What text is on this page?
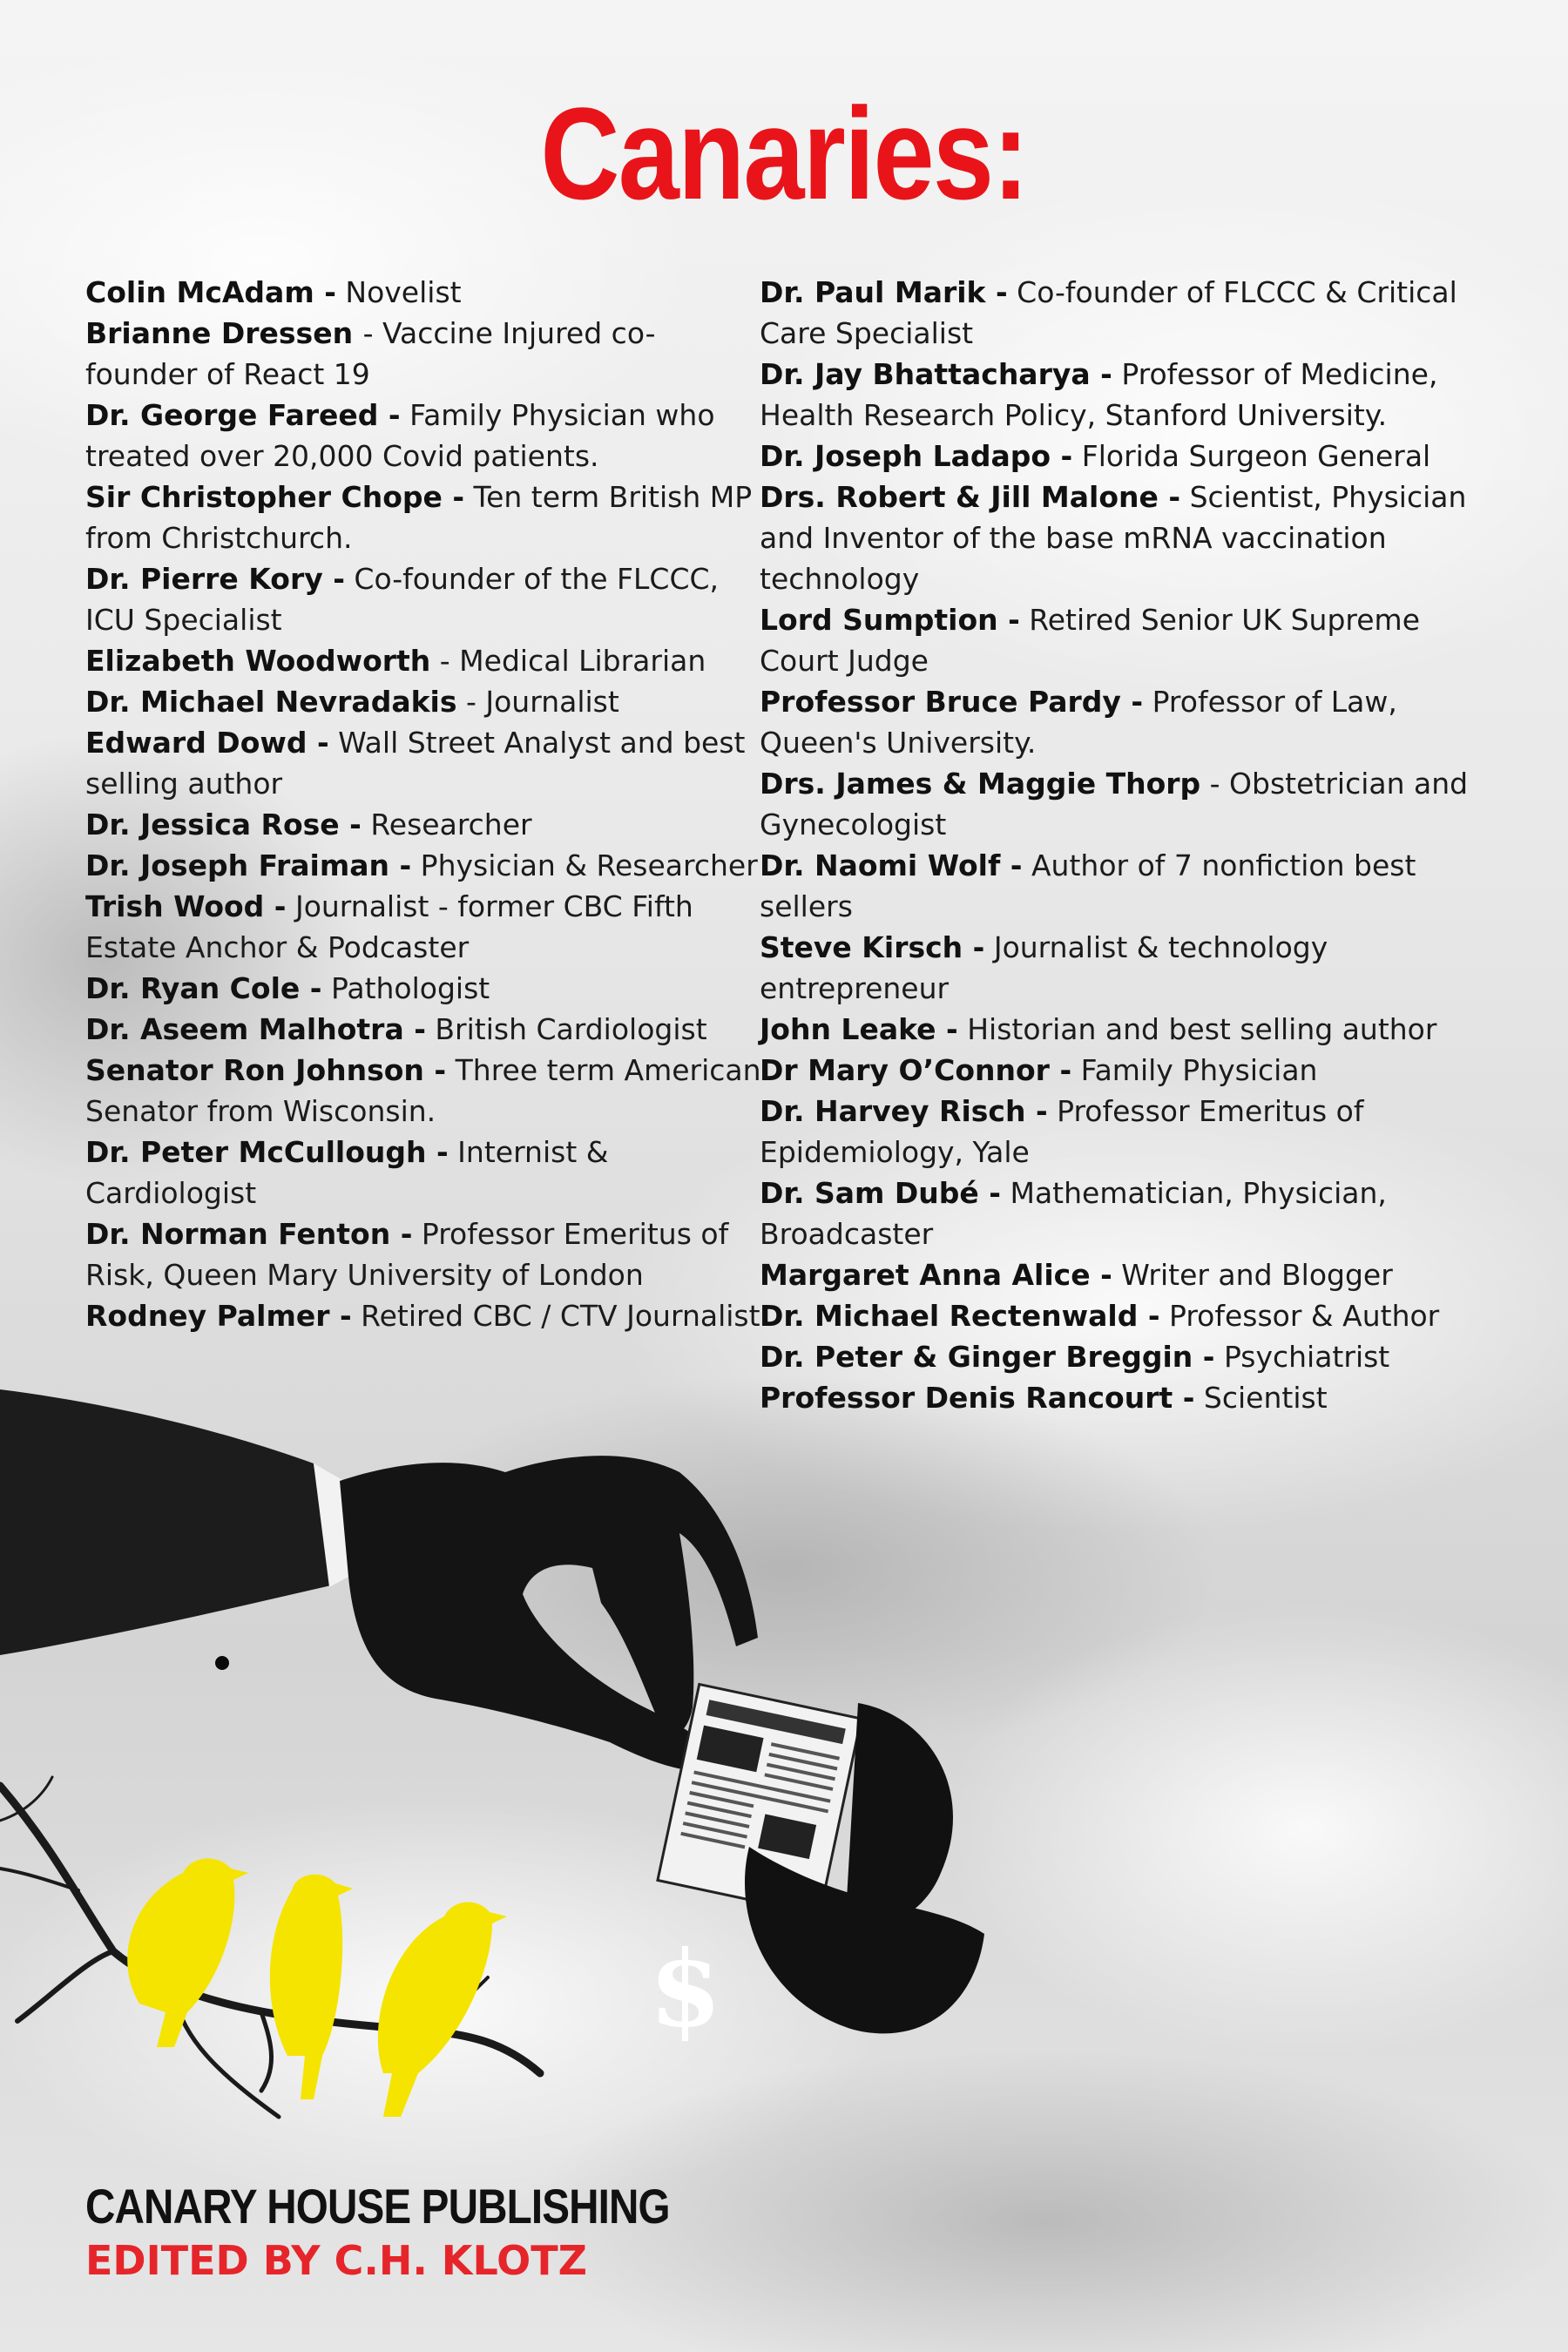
Canaries:

Colin McAdam - Novelist

Brianne Dressen - Vaccine Injured co-founder of React 19

Dr. George Fareed - Family Physician who treated over 20,000 Covid patients.

Sir Christopher Chope - Ten term British MP from Christchurch.

Dr. Pierre Kory - Co-founder of the FLCCC, ICU Specialist

Elizabeth Woodworth - Medical Librarian

Dr. Michael Nevradakis - Journalist

Edward Dowd - Wall Street Analyst and best selling author

Dr. Jessica Rose - Researcher

Dr. Joseph Fraiman - Physician & Researcher

Trish Wood - Journalist - former CBC Fifth Estate Anchor & Podcaster

Dr. Ryan Cole - Pathologist

Dr. Aseem Malhotra - British Cardiologist

Senator Ron Johnson - Three term American Senator from Wisconsin.

Dr. Peter McCullough - Internist & Cardiologist

Dr. Norman Fenton - Professor Emeritus of Risk, Queen Mary University of London

Rodney Palmer - Retired CBC / CTV Journalist

Dr. Paul Marik - Co-founder of FLCCC & Critical Care Specialist

Dr. Jay Bhattacharya - Professor of Medicine, Health Research Policy, Stanford University.

Dr. Joseph Ladapo - Florida Surgeon General

Drs. Robert & Jill Malone - Scientist, Physician and Inventor of the base mRNA vaccination technology

Lord Sumption - Retired Senior UK Supreme Court Judge

Professor Bruce Pardy - Professor of Law, Queen's University.

Drs. James & Maggie Thorp - Obstetrician and Gynecologist

Dr. Naomi Wolf - Author of 7 nonfiction best sellers

Steve Kirsch - Journalist & technology entrepreneur

John Leake - Historian and best selling author

Dr Mary O’Connor - Family Physician

Dr. Harvey Risch - Professor Emeritus of Epidemiology, Yale

Dr. Sam Dubé - Mathematician, Physician, Broadcaster

Margaret Anna Alice - Writer and Blogger

Dr. Michael Rectenwald - Professor & Author

Dr. Peter & Ginger Breggin - Psychiatrist

Professor Denis Rancourt - Scientist

$
CANARY HOUSE PUBLISHING
EDITED BY C.H. KLOTZ
